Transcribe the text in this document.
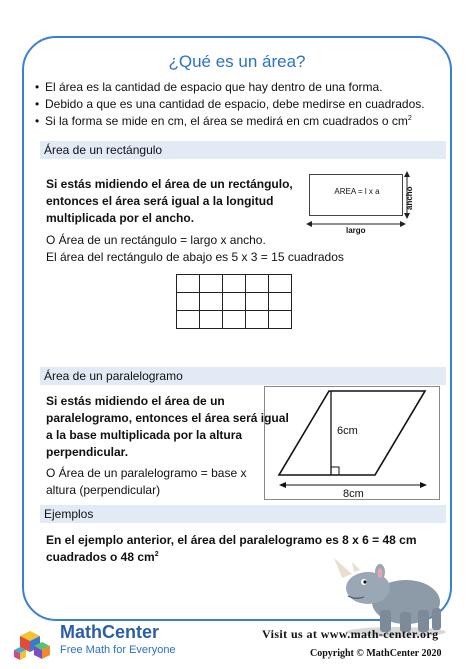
¿Qué es un área?
• El área es la cantidad de espacio que hay dentro de una forma.
• Debido a que es una cantidad de espacio, debe medirse en cuadrados.
• Si la forma se mide en cm, el área se medirá en cm cuadrados o $cm^2$
Área de un rectángulo
Si estás midiendo el área de un rectángulo,
entonces el área será igual a la longitud
multiplicada por el ancho.
AREA = l x a	ancho
largo
O Área de un rectángulo = largo x ancho.
El área del rectángulo de abajo es 5 x 3 = 15 cuadrados

Área de un paralelogramo
Si estás midiendo el área de un
paralelogramo, entonces el área será igual
a la base multiplicada por la altura
perpendicular.
O Área de un paralelogramo = base x
altura (perpendicular)
6cm
8cm
Ejemplos
En el ejemplo anterior, el área del paralelogramo es 8 x 6 = 48 cm
cuadrados o 48 $cm^2$
MathCenter
Free Math for Everyone
Visit us at www.math-center.org
Copyright © MathCenter 2020
